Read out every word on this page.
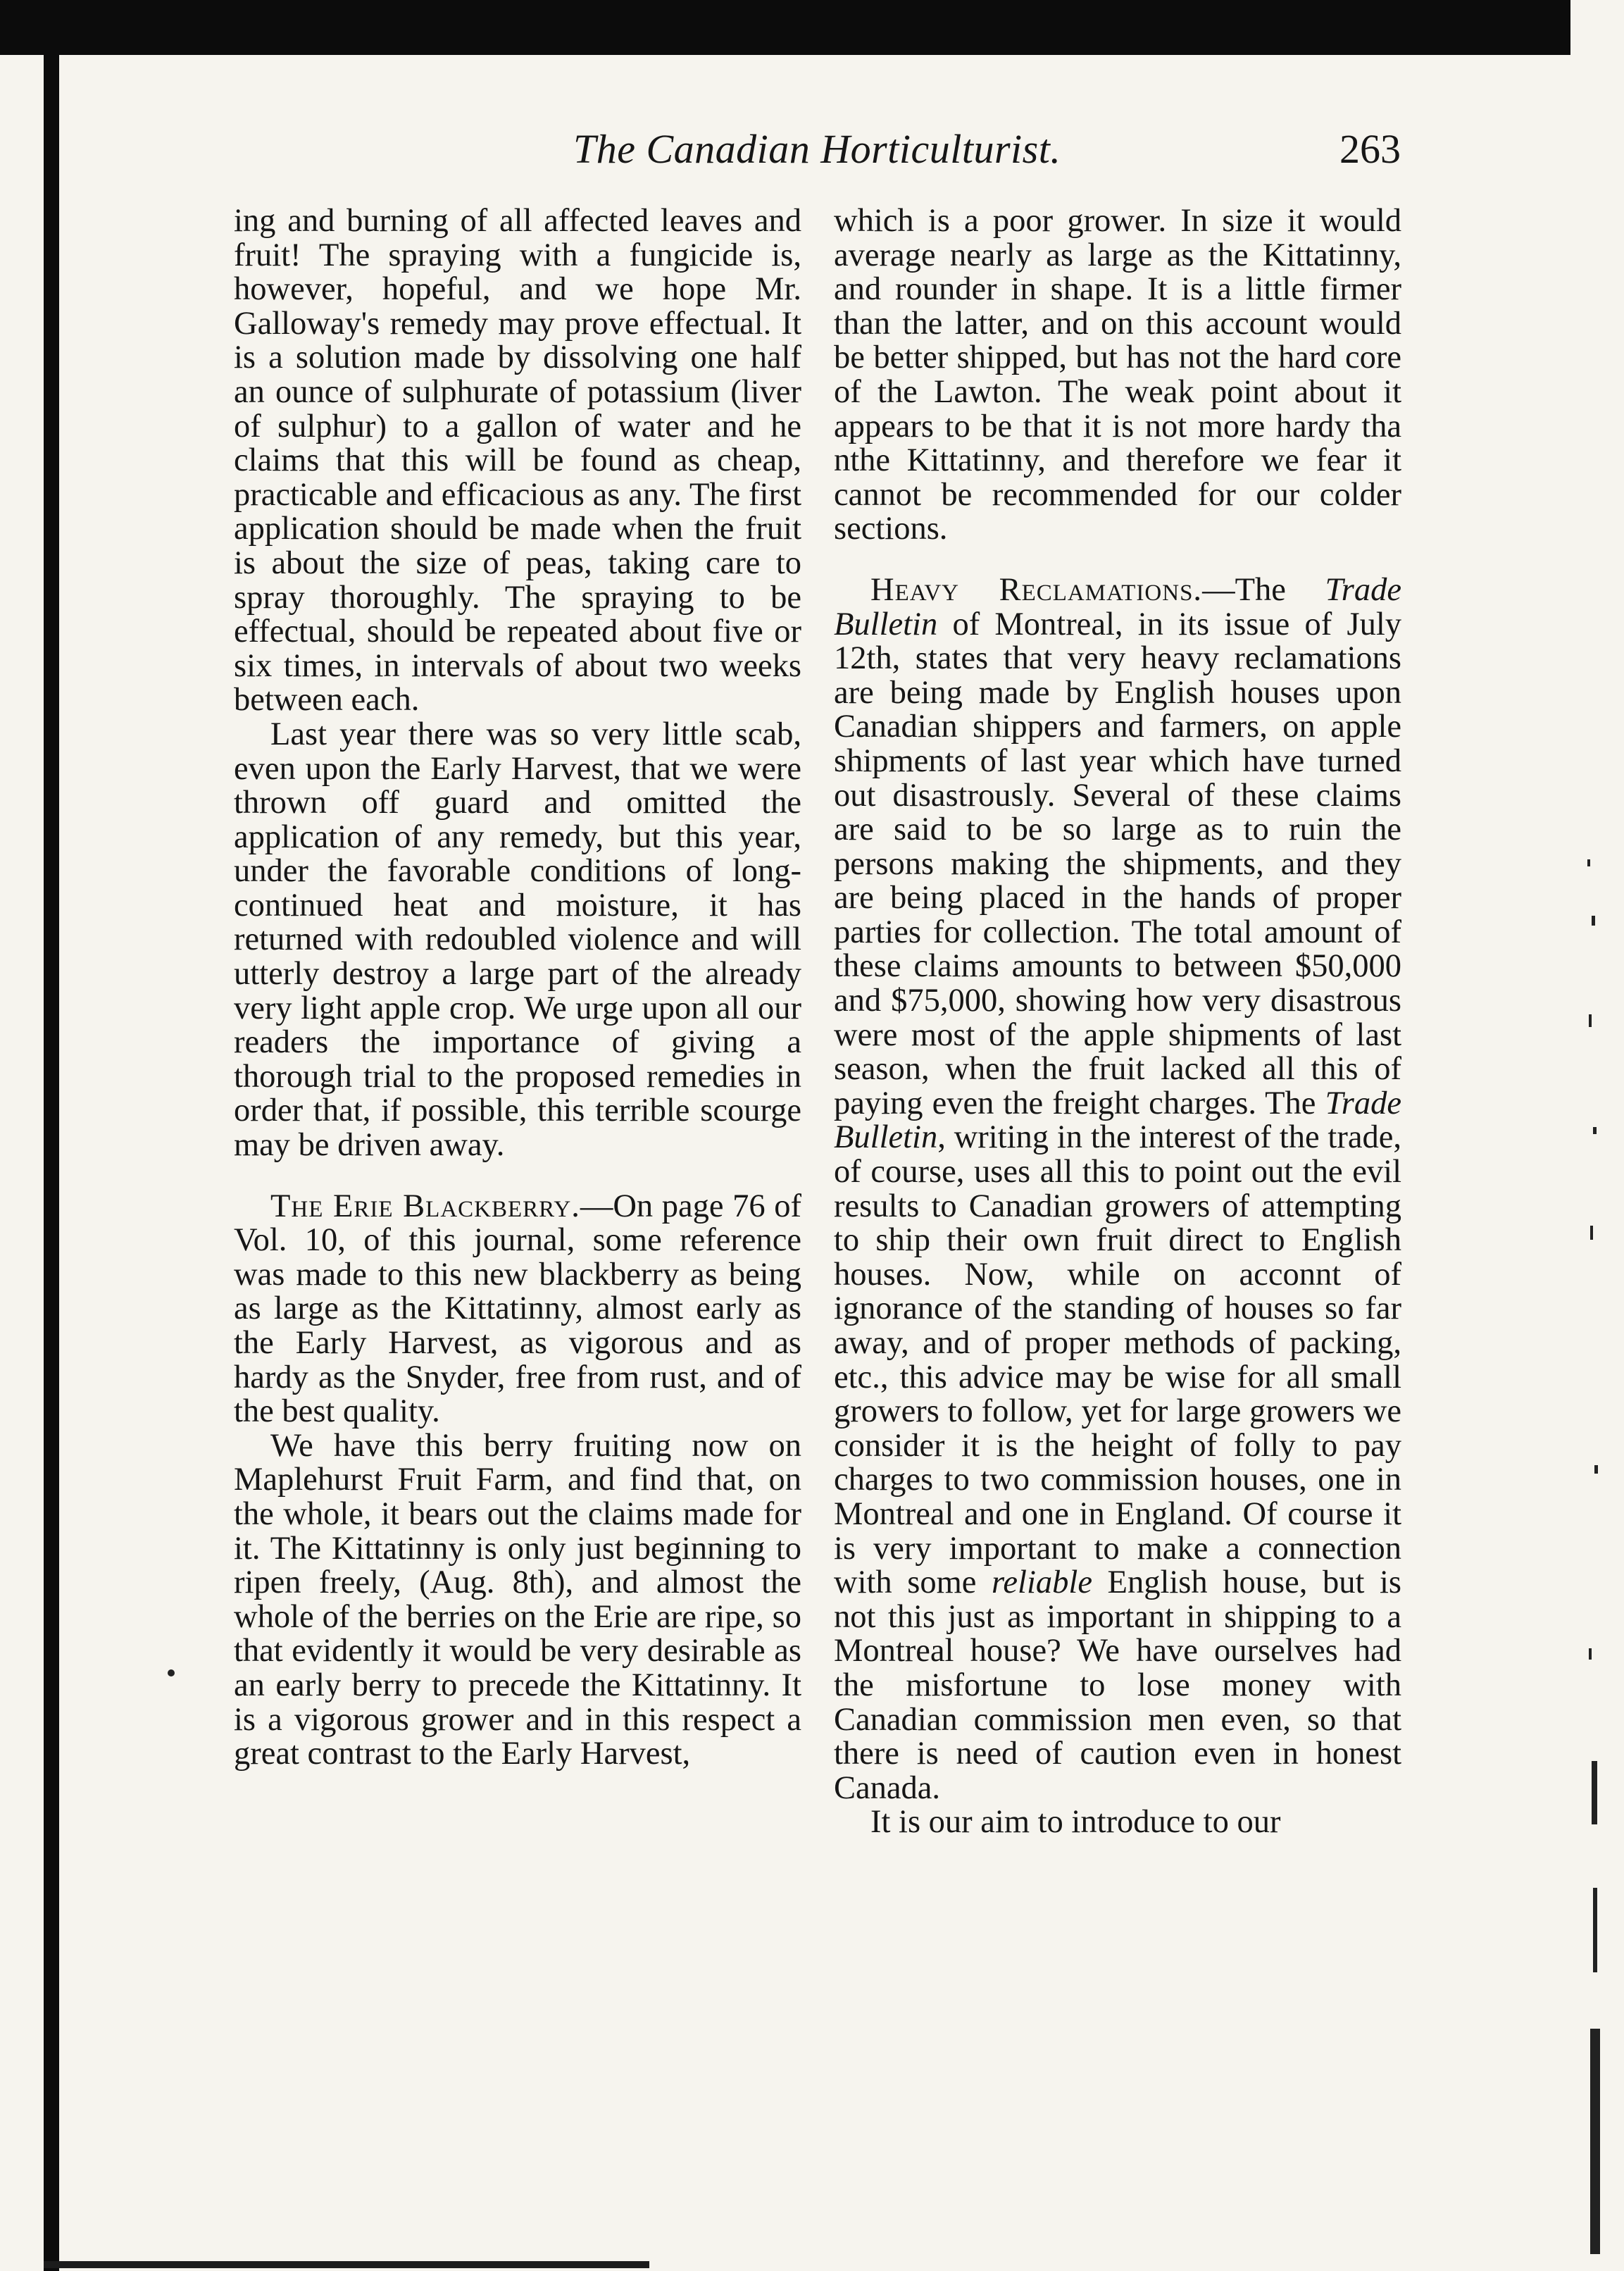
The Canadian Horticulturist.	263

ing and burning of all affected leaves and fruit! The spraying with a fungicide is, however, hopeful, and we hope Mr. Galloway's remedy may prove effectual. It is a solution made by dissolving one half an ounce of sulphurate of potassium (liver of sulphur) to a gallon of water and he claims that this will be found as cheap, practicable and efficacious as any. The first application should be made when the fruit is about the size of peas, taking care to spray thoroughly. The spraying to be effectual, should be repeated about five or six times, in intervals of about two weeks between each.

Last year there was so very little scab, even upon the Early Harvest, that we were thrown off guard and omitted the application of any remedy, but this year, under the favorable conditions of long-continued heat and moisture, it has returned with redoubled violence and will utterly destroy a large part of the already very light apple crop. We urge upon all our readers the importance of giving a thorough trial to the proposed remedies in order that, if possible, this terrible scourge may be driven away.

The Erie Blackberry.—On page 76 of Vol. 10, of this journal, some reference was made to this new blackberry as being as large as the Kittatinny, almost early as the Early Harvest, as vigorous and as hardy as the Snyder, free from rust, and of the best quality.

We have this berry fruiting now on Maplehurst Fruit Farm, and find that, on the whole, it bears out the claims made for it. The Kittatinny is only just beginning to ripen freely, (Aug. 8th), and almost the whole of the berries on the Erie are ripe, so that evidently it would be very desirable as an early berry to precede the Kittatinny. It is a vigorous grower and in this respect a great contrast to the Early Harvest,

which is a poor grower. In size it would average nearly as large as the Kittatinny, and rounder in shape. It is a little firmer than the latter, and on this account would be better shipped, but has not the hard core of the Lawton. The weak point about it appears to be that it is not more hardy tha nthe Kittatinny, and therefore we fear it cannot be recommended for our colder sections.

Heavy Reclamations.—The Trade Bulletin of Montreal, in its issue of July 12th, states that very heavy reclamations are being made by English houses upon Canadian shippers and farmers, on apple shipments of last year which have turned out disastrously. Several of these claims are said to be so large as to ruin the persons making the shipments, and they are being placed in the hands of proper parties for collection. The total amount of these claims amounts to between $50,000 and $75,000, showing how very disastrous were most of the apple shipments of last season, when the fruit lacked all this of paying even the freight charges. The Trade Bulletin, writing in the interest of the trade, of course, uses all this to point out the evil results to Canadian growers of attempting to ship their own fruit direct to English houses. Now, while on acconnt of ignorance of the standing of houses so far away, and of proper methods of packing, etc., this advice may be wise for all small growers to follow, yet for large growers we consider it is the height of folly to pay charges to two commission houses, one in Montreal and one in England. Of course it is very important to make a connection with some reliable English house, but is not this just as important in shipping to a Montreal house? We have ourselves had the misfortune to lose money with Canadian commission men even, so that there is need of caution even in honest Canada.

It is our aim to introduce to our
